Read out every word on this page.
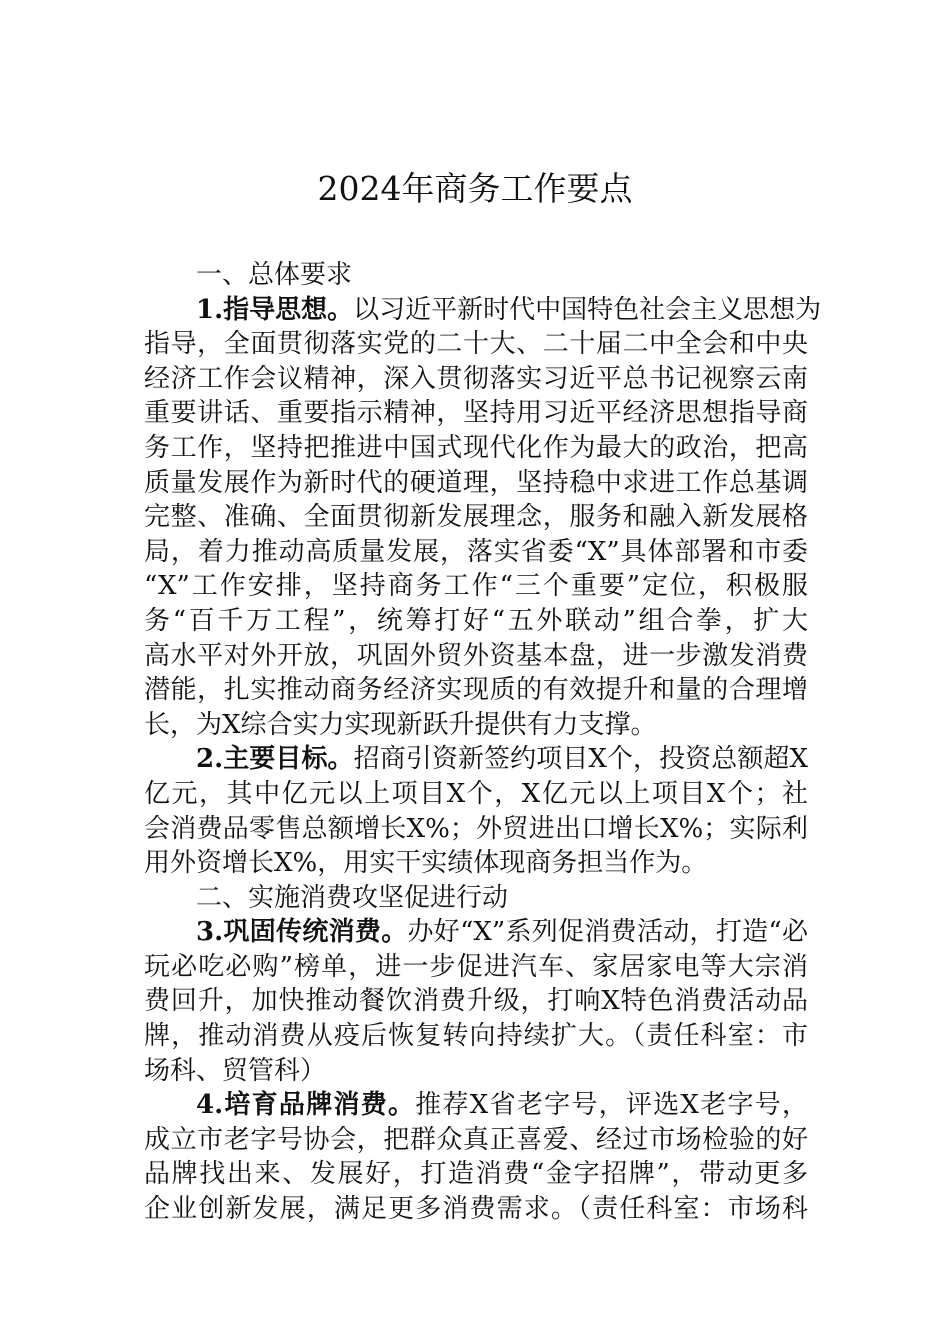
2024年商务工作要点
一、总体要求
1.指导思想。以习近平新时代中国特色社会主义思想为
指导，全面贯彻落实党的二十大、二十届二中全会和中央
经济工作会议精神，深入贯彻落实习近平总书记视察云南
重要讲话、重要指示精神，坚持用习近平经济思想指导商
务工作，坚持把推进中国式现代化作为最大的政治，把高
质量发展作为新时代的硬道理，坚持稳中求进工作总基调
完整、准确、全面贯彻新发展理念，服务和融入新发展格
局，着力推动高质量发展，落实省委“X”具体部署和市委
“X”工作安排，坚持商务工作“三个重要”定位，积极服
务“百千万工程”，统筹打好“五外联动”组合拳，扩大
高水平对外开放，巩固外贸外资基本盘，进一步激发消费
潜能，扎实推动商务经济实现质的有效提升和量的合理增
长，为X综合实力实现新跃升提供有力支撑。
2.主要目标。招商引资新签约项目X个，投资总额超X
亿元，其中亿元以上项目X个，X亿元以上项目X个；社
会消费品零售总额增长X%；外贸进出口增长X%；实际利
用外资增长X%，用实干实绩体现商务担当作为。
二、实施消费攻坚促进行动
3.巩固传统消费。办好“X”系列促消费活动，打造“必
玩必吃必购”榜单，进一步促进汽车、家居家电等大宗消
费回升，加快推动餐饮消费升级，打响X特色消费活动品
牌，推动消费从疫后恢复转向持续扩大。（责任科室：市
场科、贸管科）
4.培育品牌消费。推荐X省老字号，评选X老字号，
成立市老字号协会，把群众真正喜爱、经过市场检验的好
品牌找出来、发展好，打造消费“金字招牌”，带动更多
企业创新发展，满足更多消费需求。（责任科室：市场科
